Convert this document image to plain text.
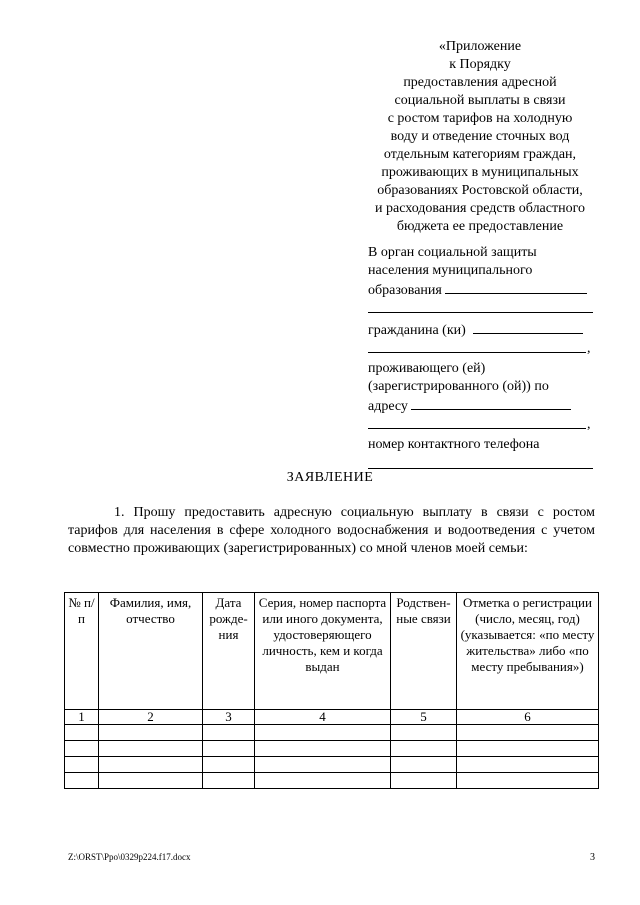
«Приложение
к Порядку
предоставления адресной
социальной выплаты в связи
с ростом тарифов на холодную
воду и отведение сточных вод
отдельным категориям граждан,
проживающих в муниципальных
образованиях Ростовской области,
и расходования средств областного
бюджета ее предоставление
В орган социальной защиты
населения муниципального
образования
гражданина (ки)
,
проживающего (ей)
(зарегистрированного (ой)) по
адресу
,
номер контактного телефона
ЗАЯВЛЕНИЕ
1. Прошу предоставить адресную социальную выплату в связи с ростом тарифов для населения в сфере холодного водоснабжения и водоотведения с учетом совместно проживающих (зарегистрированных) со мной членов моей семьи:
№ п/п	Фамилия, имя, отчество	Дата рожде-ния	Серия, номер паспорта или иного документа, удостоверяющего личность, кем и когда выдан	Родствен-ные связи	Отметка о регистрации (число, месяц, год) (указывается: «по месту жительства» либо «по месту пребывания»)
1	2	3	4	5	6

Z:\ORST\Ppo\0329p224.f17.docx	3
